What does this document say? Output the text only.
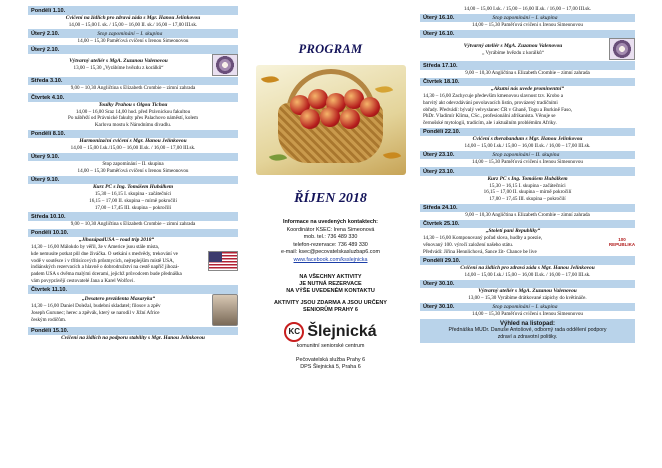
Pondělí 1.10.
Cvičení na židlích pro zdravá záda s Mgr. Hanou Jelínkovou
14,00 – 15,00 I. sk. / 15,00 – 16,00 II. sk./ 16,00 – 17,00 III.sk.
Úterý 2.10.	Stop zapomínání – I. skupina
14,00 – 15,30 Paměťová cvičení s Irenou Simeonovou
Úterý 2.10.
Výtvarný ateliér s MgA. Zuzanou Valenovou
13,00 – 15,30 „Vyrábíme hvězdu z korálků“
Středa 3.10.
9,00 – 10,30 Angličtina s Elizabeth Crombie – zimní zahrada
Čtvrtek 4.10.
Toulky Prahou s Olgou Tichou
14,00 – 16,00 Sraz 14,00 hod. před Právnickou fakultou
Po nábřeží od Právnické fakulty přes Palachovo náměstí, kolem
Karlova mostu k Národnímu divadlu.
Pondělí 8.10.
Harmonizační cvičení s Mgr. Hanou Jelínkovou
14,00 – 15,00 I.sk./15,00 – 16,00 II.sk. / 16,00 – 17,00 III.sk.
Úterý 9.10.
Stop zapomínání – II. skupina
14,00 – 15,30 Paměťová cvičení s Irenou Simeonovou
Úterý 9.10.
Kurz PC s Ing. Tomášem Hubálkem
15,30 – 16,15 I. skupina - začátečníci
16,15 – 17,00 II. skupina – mírně pokročilí
17,00 – 17,45 III. skupina – pokročilí
Středa 10.10.
9,00 – 10,30 Angličtina s Elizabeth Crombie – zimní zahrada
Pondělí 10.10.
„JihozápadUSA – road trip 2018“
14,30 – 16,00 Málokdo by věřil, že v Americe jsou stále místa,
kde nemusíte potkat půl dne živáčka. O setkání s medvědy, trekování ve
vodě v soutěsce i v třítisícových průsmycích, nejteplejším místě USA,
indiánských rezervacích a hlavně o dobrodružství na cestě napříč jihozá-
padem USA s dvěma malými dcerami, jejichž průvodcem bude přednáška
vám povyprávějí cestovatelé Jana a Karel Wolfovi.
Čtvrtek 11.10.
„Desatero prezidenta Masaryka“
14,30 – 16,00 Daniel Doležal, budební skladatel; filosov a zpěv
Joseph Gurunec; herec a zpěvák, který se narodil v Jižní Africe
českým rodičům.
Pondělí 15.10.
Cvičení na židlích na podporu stability s Mgr. Hanou Jelínkovou
PROGRAM
ŘÍJEN 2018
Informace na uvedených kontaktech:
Koordinátor KSEC: Irena Simeonová
mob. tel.: 736 489 330
telefon-rezervace: 736 489 330
e-mail: ksec@pecovatelskasluzbap6.com
www.facebook.com/ksslejnicka
NA VŠECHNY AKTIVITY
JE NUTNÁ REZERVACE
NA VÝŠE UVEDENÉM KONTAKTU
AKTIVITY JSOU ZDARMA A JSOU URČENY
SENIORŮM PRAHY 6
KC Šlejnická
komunitní seniorské centrum
Pečovatelská služba Prahy 6
DPS Šlejnická 5, Praha 6
14,00 – 15,00 I.sk. / 15,00 – 16,00 II.sk. / 16,00 – 17,00 III.sk.
Úterý 16.10.	Stop zapomínání – I. skupina
14,00 – 15,30 Paměťová cvičení s Irenou Simeonovou
Úterý 16.10.
Výtvarný ateliér s MgA. Zuzanou Valenovou
„ Vyrábíme hvězdu z korálků“
Středa 17.10.
9,00 – 10,30 Angličtina s Elizabeth Crombie – zimní zahrada
Čtvrtek 18.10.
„Akutní nás uvede prominentní“
14,30 – 16,00 Zachycuje především kmenovou slavnost tzv. Krobo a
barvitý akt odevzdávání povolavacích listin, provázený tradičními
obřady. Předvádí: bývalý velvyslanec ČR v Ghaně, Togu a Burkině Faso,
PhDr. Vladimír Klíma, CSc., profesionální afrikanista. Věnuje se
černošské mytologii, tradicím, ale i aktuálním problémům Afriky.
Pondělí 22.10.
Cvičení s therabandum s Mgr. Hanou Jelínkovou
14,00 – 15,00 I.sk./ 15,00 – 16,00 II.sk. / 16,00 – 17,00 III.sk.
Úterý 23.10.	Stop zapomínání – II. skupina
14,00 – 15,30 Paměťová cvičení s Irenou Simeonovou
Úterý 23.10.
Kurz PC s Ing. Tomášem Hubálkem
15,30 – 16,15 I. skupina - začátečníci
16,15 – 17,00 II. skupina – mírně pokročilí
17,00 – 17,45 III. skupina – pokročilí
Středa 24.10.
9,00 – 10,30 Angličtina s Elizabeth Crombie – zimní zahrada
Čtvrtek 25.10.
„Století pani Republiky“
14,30 – 16,00 Komponovaný pořad slova, hudby a poezie,
věnovaný 100. výročí založení našeho státu.
Předvádí: Jiřina Hennlichová, Šance žít- Chance be live
100 REPUBLIKA
Pondělí 29.10.
Cvičení na židlích pro zdravá záda s Mgr. Hanou Jelínkovou
14,00 – 15,00 I.sk./ 15,00 – 16,00 II.sk. / 16,00 – 17,00 III.sk.
Úterý 30.10.
Výtvarný ateliér s MgA. Zuzanou Valenovou
13,00 – 15,30 Vyrábíme drátkované zápichy do květináče.
Úterý 30.10.	Stop zapomínání – I. skupina
14,00 – 15,30 Paměťová cvičení s Irenou Simeonovou
Výhled na listopad:
Přednáška MUDr. Danuše Antošové, odborný rada oddělení podpory
zdraví a zdravotní politiky.
